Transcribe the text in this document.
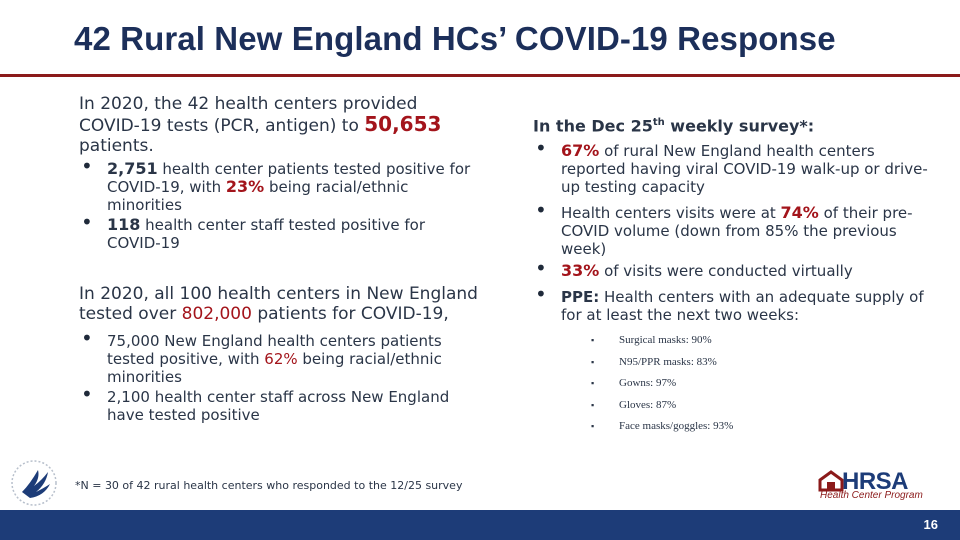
42 Rural New England HCs’ COVID-19 Response
In 2020, the 42 health centers provided COVID-19 tests (PCR, antigen) to 50,653 patients.
• 2,751 health center patients tested positive for COVID-19, with 23% being racial/ethnic minorities
• 118 health center staff tested positive for COVID-19
In 2020, all 100 health centers in New England tested over 802,000 patients for COVID-19,
• 75,000 New England health centers patients tested positive, with 62% being racial/ethnic minorities
• 2,100 health center staff across New England have tested positive
In the Dec 25th weekly survey*:
• 67% of rural New England health centers reported having viral COVID-19 walk-up or drive-up testing capacity
• Health centers visits were at 74% of their pre-COVID volume (down from 85% the previous week)
• 33% of visits were conducted virtually
• PPE: Health centers with an adequate supply of for at least the next two weeks:
▪ Surgical masks: 90%
▪ N95/PPR masks: 83%
▪ Gowns: 97%
▪ Gloves: 87%
▪ Face masks/goggles: 93%
*N = 30 of 42 rural health centers who responded to the 12/25 survey	HRSA
Health Center Program
16
